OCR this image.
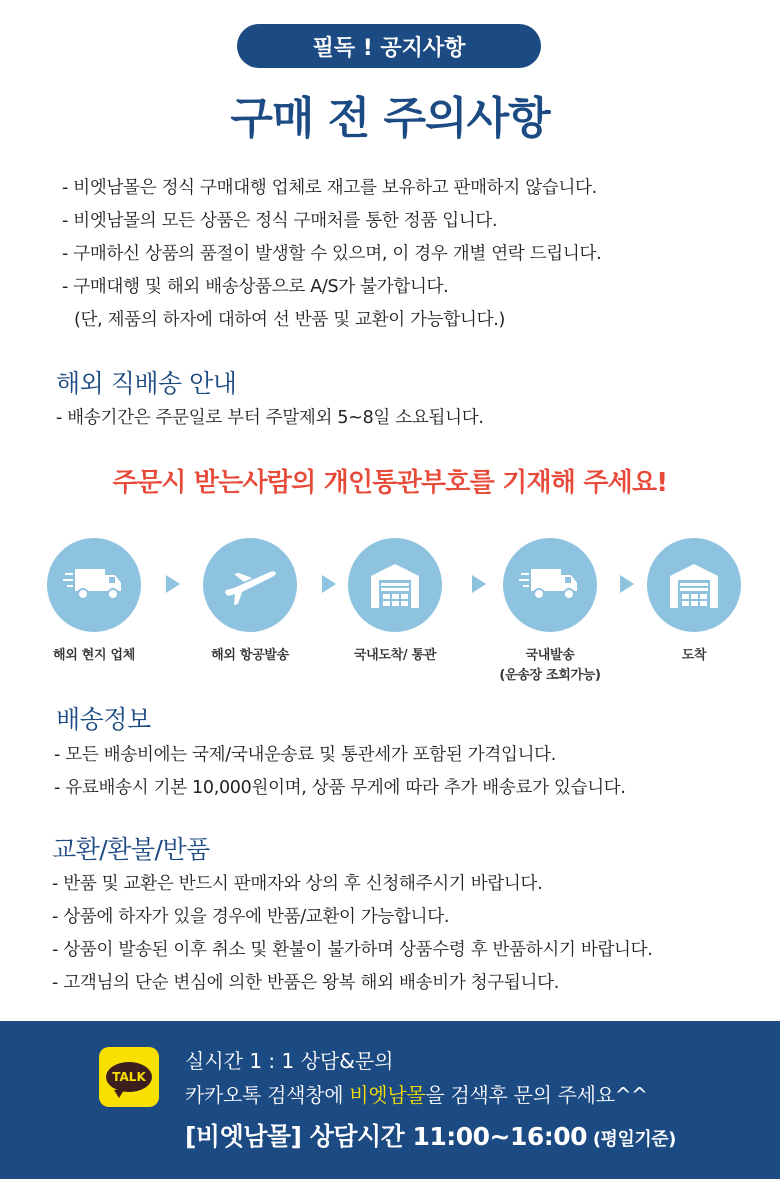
필독 ! 공지사항
구매 전 주의사항
- 비엣남몰은 정식 구매대행 업체로 재고를 보유하고 판매하지 않습니다.
- 비엣남몰의 모든 상품은 정식 구매처를 통한 정품 입니다.
- 구매하신 상품의 품절이 발생할 수 있으며, 이 경우 개별 연락 드립니다.
- 구매대행 및 해외 배송상품으로 A/S가 불가합니다.
(단, 제품의 하자에 대하여 선 반품 및 교환이 가능합니다.)
해외 직배송 안내
- 배송기간은 주문일로 부터 주말제외 5~8일 소요됩니다.
주문시 받는사람의 개인통관부호를 기재해 주세요!
해외 현지 업체	해외 항공발송	국내도착/ 통관	국내발송
(운송장 조회가능)
도착
배송정보
- 모든 배송비에는 국제/국내운송료 및 통관세가 포함된 가격입니다.
- 유료배송시 기본 10,000원이며, 상품 무게에 따라 추가 배송료가 있습니다.
교환/환불/반품
- 반품 및 교환은 반드시 판매자와 상의 후 신청해주시기 바랍니다.
- 상품에 하자가 있을 경우에 반품/교환이 가능합니다.
- 상품이 발송된 이후 취소 및 환불이 불가하며 상품수령 후 반품하시기 바랍니다.
- 고객님의 단순 변심에 의한 반품은 왕복 해외 배송비가 청구됩니다.
TALK
실시간 1 : 1 상담&문의
카카오톡 검색창에 비엣남몰을 검색후 문의 주세요^^
[비엣남몰] 상담시간 11:00~16:00 (평일기준)
